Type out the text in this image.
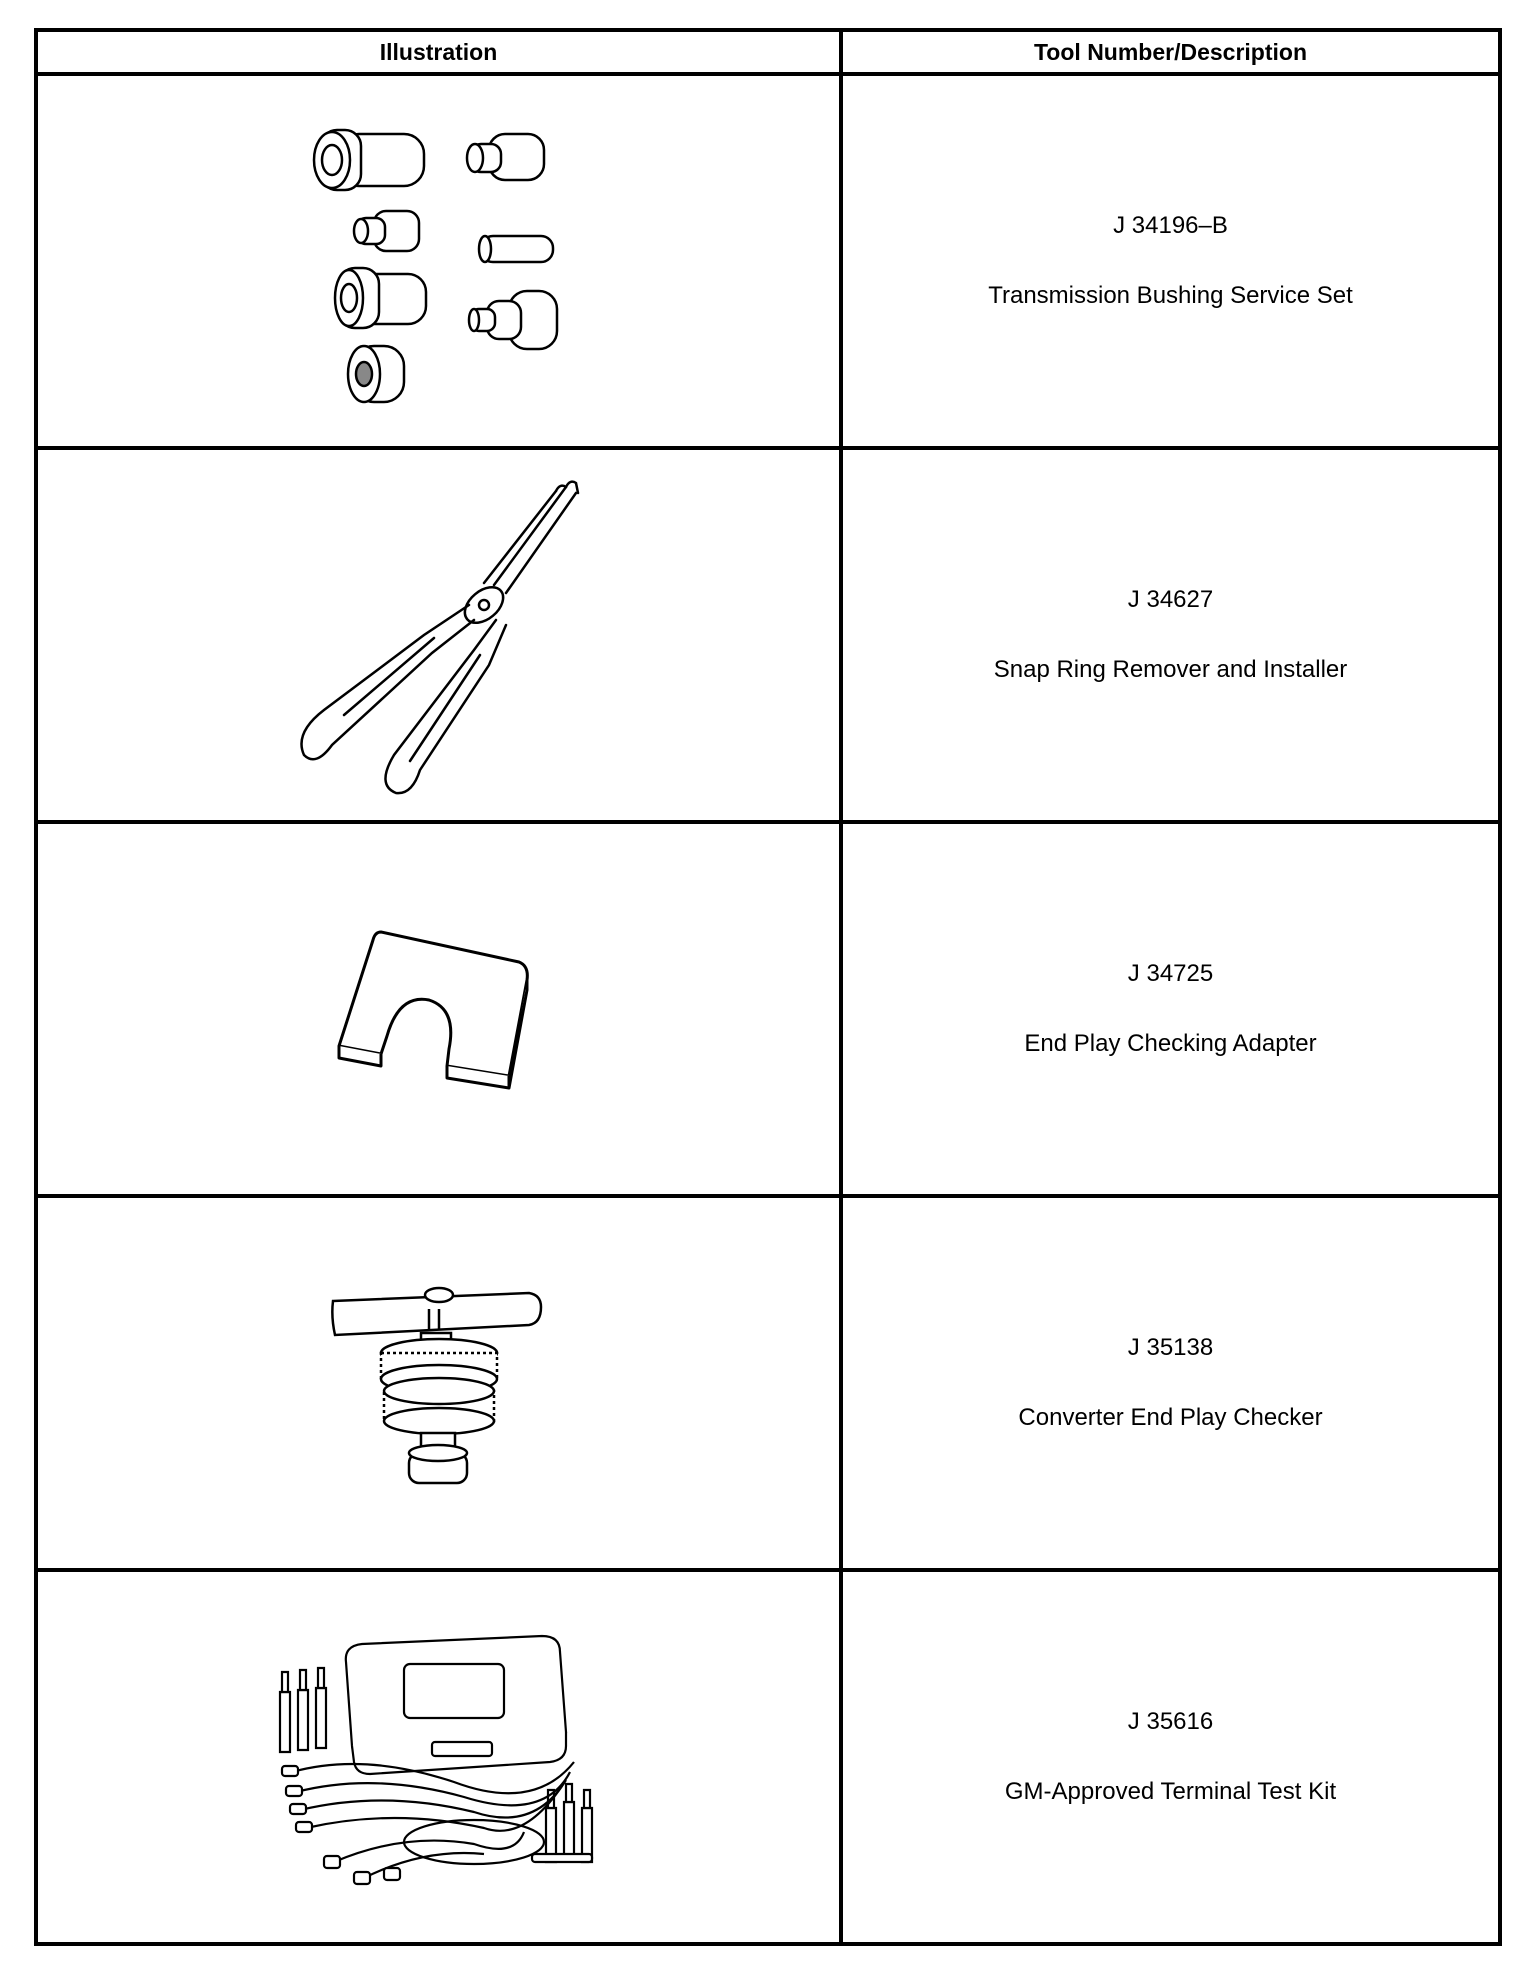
Illustration	Tool Number/Description

J 34196–B
Transmission Bushing Service Set

J 34627
Snap Ring Remover and Installer

J 34725
End Play Checking Adapter

J 35138
Converter End Play Checker

J 35616
GM-Approved Terminal Test Kit
